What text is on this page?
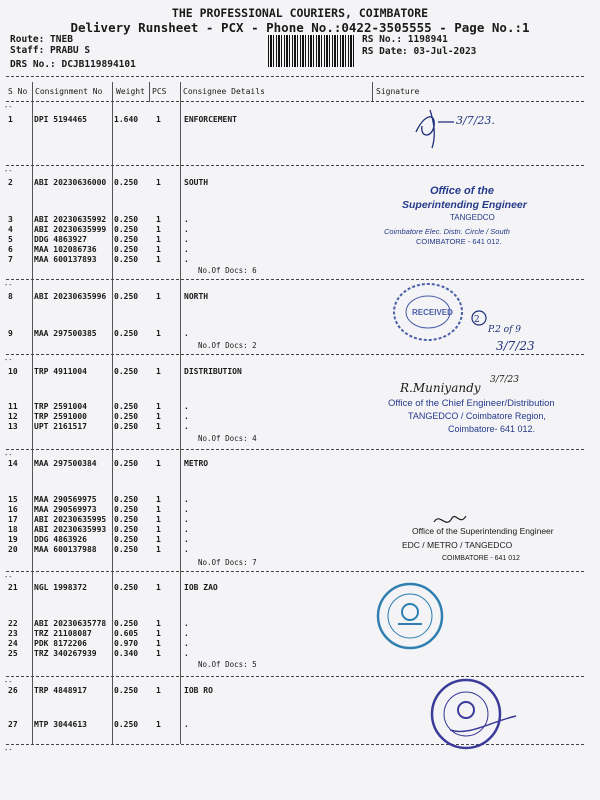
THE PROFESSIONAL COURIERS, COIMBATORE
Delivery Runsheet - PCX - Phone No.:0422-3505555 - Page No.:1
Route: TNEB
Staff: PRABU S
DRS No.: DCJB119894101
RS No.: 1198941
RS Date: 03-Jul-2023
S No Consignment No Weight PCS Consignee Details	Signature
--
--
--
--
--
--
--
--
1	DPI 5194465	1.640 1	ENFORCEMENT
2	ABI 20230636000 0.250 1	SOUTH
3	ABI 20230635992 0.250 1	.
4	ABI 20230635999 0.250 1	.
5	DDG 4863927	0.250 1	.
6	MAA 102086736 0.250 1	.
7	MAA 600137893 0.250 1	.
8	ABI 20230635996 0.250 1	NORTH
9	MAA 297500385 0.250 1	.
10 TRP 4911004	0.250 1	DISTRIBUTION
11 TRP 2591004	0.250 1	.
12 TRP 2591000	0.250 1	.
13 UPT 2161517	0.250 1	.
14 MAA 297500384 0.250 1	METRO
15 MAA 290569975 0.250 1	.
16 MAA 290569973 0.250 1	.
17 ABI 20230635995 0.250 1	.
18 ABI 20230635993 0.250 1	.
19 DDG 4863926	0.250 1	.
20 MAA 600137988 0.250 1	.
21 NGL 1998372	0.250 1	IOB ZAO
22 ABI 20230635778 0.250 1	.
23 TRZ 21108087	0.605 1	.
24 PDK 8172206	0.970 1	.
25 TRZ 340267939 0.340 1	.
26 TRP 4848917	0.250 1	IOB RO
27 MTP 3044613	0.250 1	.
No.Of Docs: 6
No.Of Docs: 2
No.Of Docs: 4
No.Of Docs: 7
No.Of Docs: 5
3/7/23.
Office of the
Superintending Engineer
TANGEDCO
Coimbatore Elec. Distn. Circle / South
COIMBATORE - 641 012.
RECEIVED
2
P.2 of 9
3/7/23
R.Muniyandy
3/7/23
Office of the Chief Engineer/Distribution
TANGEDCO / Coimbatore Region,
Coimbatore- 641 012.
Office of the Superintending Engineer
EDC / METRO / TANGEDCO
COIMBATORE - 641 012
